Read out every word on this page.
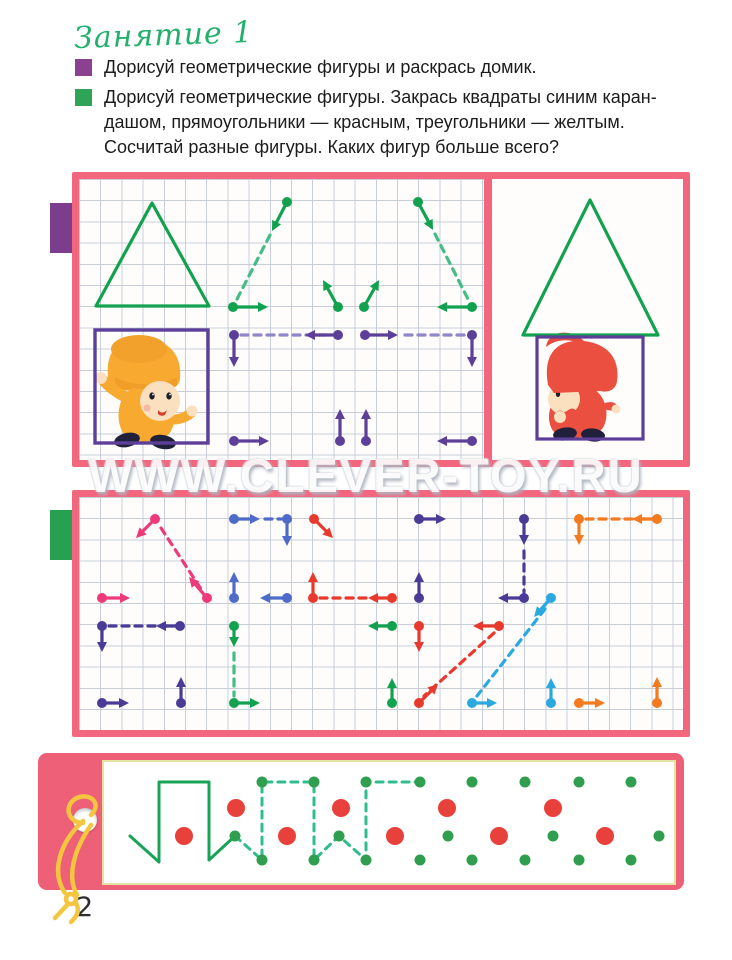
Занятие 1
Дорисуй геометрические фигуры и раскрась домик.
Дорисуй геометрические фигуры. Закрась квадраты синим каран-
дашом, прямоугольники — красным, треугольники — желтым.
Сосчитай разные фигуры. Каких фигур больше всего?
WWW.CLEVER-TOY.RU
2
